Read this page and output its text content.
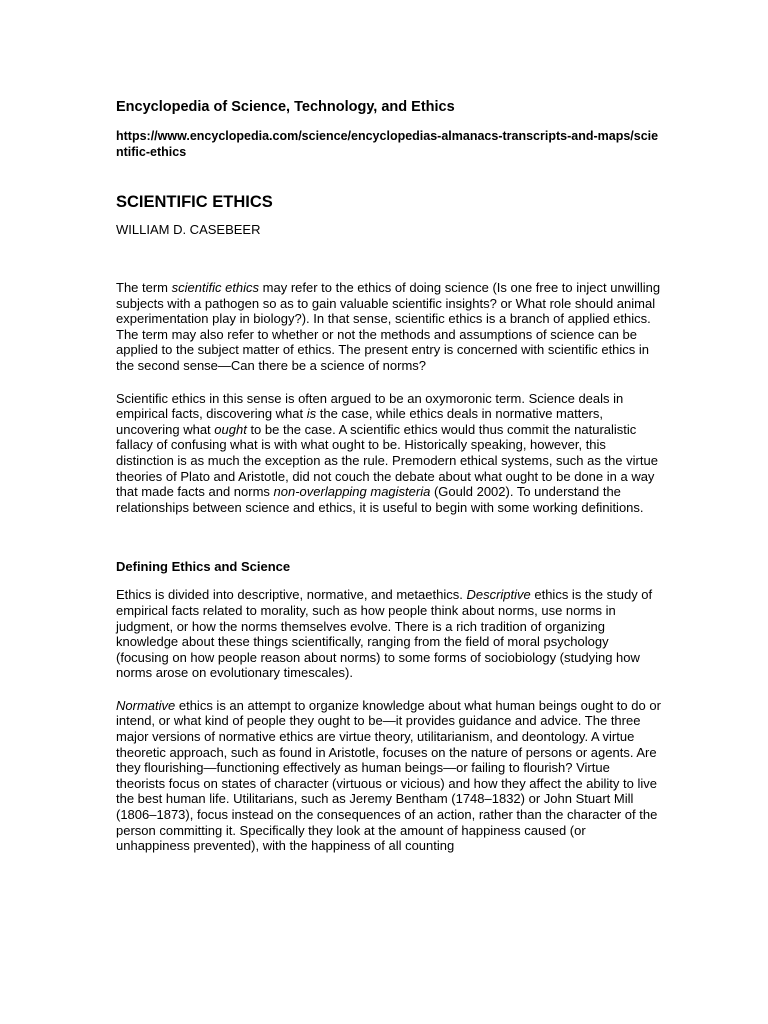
Encyclopedia of Science, Technology, and Ethics

https://www.encyclopedia.com/science/encyclopedias-almanacs-transcripts-and-maps/scientific-ethics

SCIENTIFIC ETHICS

WILLIAM D. CASEBEER

The term scientific ethics may refer to the ethics of doing science (Is one free to inject unwilling subjects with a pathogen so as to gain valuable scientific insights? or What role should animal experimentation play in biology?). In that sense, scientific ethics is a branch of applied ethics. The term may also refer to whether or not the methods and assumptions of science can be applied to the subject matter of ethics. The present entry is concerned with scientific ethics in the second sense—Can there be a science of norms?

Scientific ethics in this sense is often argued to be an oxymoronic term. Science deals in empirical facts, discovering what is the case, while ethics deals in normative matters, uncovering what ought to be the case. A scientific ethics would thus commit the naturalistic fallacy of confusing what is with what ought to be. Historically speaking, however, this distinction is as much the exception as the rule. Premodern ethical systems, such as the virtue theories of Plato and Aristotle, did not couch the debate about what ought to be done in a way that made facts and norms non-overlapping magisteria (Gould 2002). To understand the relationships between science and ethics, it is useful to begin with some working definitions.

Defining Ethics and Science

Ethics is divided into descriptive, normative, and metaethics. Descriptive ethics is the study of empirical facts related to morality, such as how people think about norms, use norms in judgment, or how the norms themselves evolve. There is a rich tradition of organizing knowledge about these things scientifically, ranging from the field of moral psychology (focusing on how people reason about norms) to some forms of sociobiology (studying how norms arose on evolutionary timescales).

Normative ethics is an attempt to organize knowledge about what human beings ought to do or intend, or what kind of people they ought to be—it provides guidance and advice. The three major versions of normative ethics are virtue theory, utilitarianism, and deontology. A virtue theoretic approach, such as found in Aristotle, focuses on the nature of persons or agents. Are they flourishing—functioning effectively as human beings—or failing to flourish? Virtue theorists focus on states of character (virtuous or vicious) and how they affect the ability to live the best human life. Utilitarians, such as Jeremy Bentham (1748–1832) or John Stuart Mill (1806–1873), focus instead on the consequences of an action, rather than the character of the person committing it. Specifically they look at the amount of happiness caused (or unhappiness prevented), with the happiness of all counting
